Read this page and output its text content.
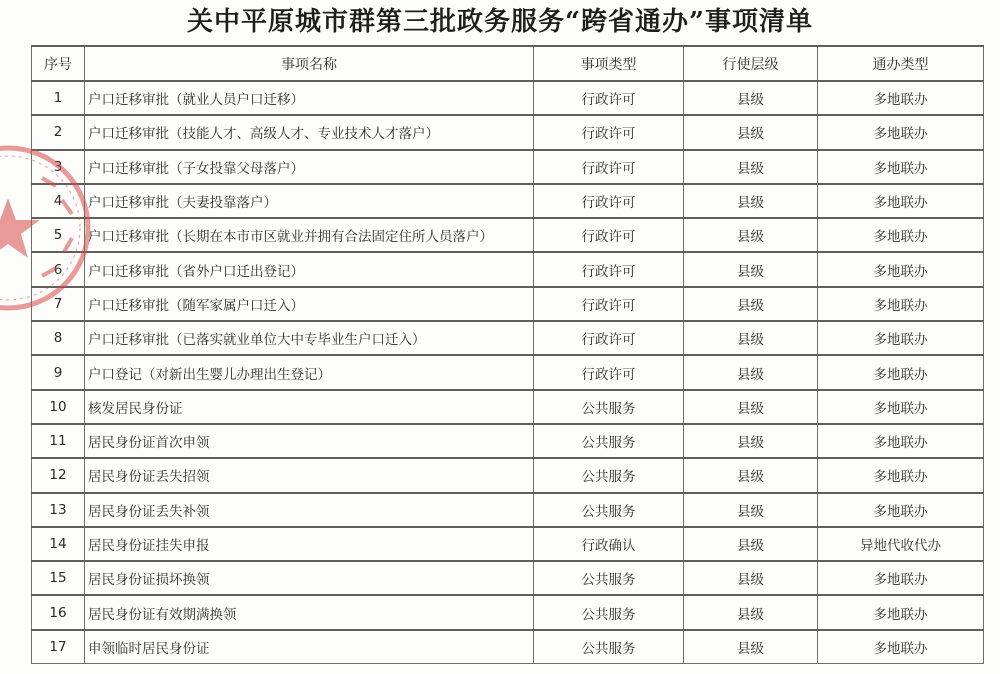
关中平原城市群第三批政务服务“跨省通办”事项清单
序号	事项名称	事项类型	行使层级	通办类型
1	户口迁移审批（就业人员户口迁移）	行政许可	县级	多地联办
2	户口迁移审批（技能人才、高级人才、专业技术人才落户）	行政许可	县级	多地联办
3	户口迁移审批（子女投靠父母落户）	行政许可	县级	多地联办
4	户口迁移审批（夫妻投靠落户）	行政许可	县级	多地联办
5	户口迁移审批（长期在本市市区就业并拥有合法固定住所人员落户）	行政许可	县级	多地联办
6	户口迁移审批（省外户口迁出登记）	行政许可	县级	多地联办
7	户口迁移审批（随军家属户口迁入）	行政许可	县级	多地联办
8	户口迁移审批（已落实就业单位大中专毕业生户口迁入）	行政许可	县级	多地联办
9	户口登记（对新出生婴儿办理出生登记）	行政许可	县级	多地联办
10	核发居民身份证	公共服务	县级	多地联办
11	居民身份证首次申领	公共服务	县级	多地联办
12	居民身份证丢失招领	公共服务	县级	多地联办
13	居民身份证丢失补领	公共服务	县级	多地联办
14	居民身份证挂失申报	行政确认	县级	异地代收代办
15	居民身份证损坏换领	公共服务	县级	多地联办
16	居民身份证有效期满换领	公共服务	县级	多地联办
17	申领临时居民身份证	公共服务	县级	多地联办
